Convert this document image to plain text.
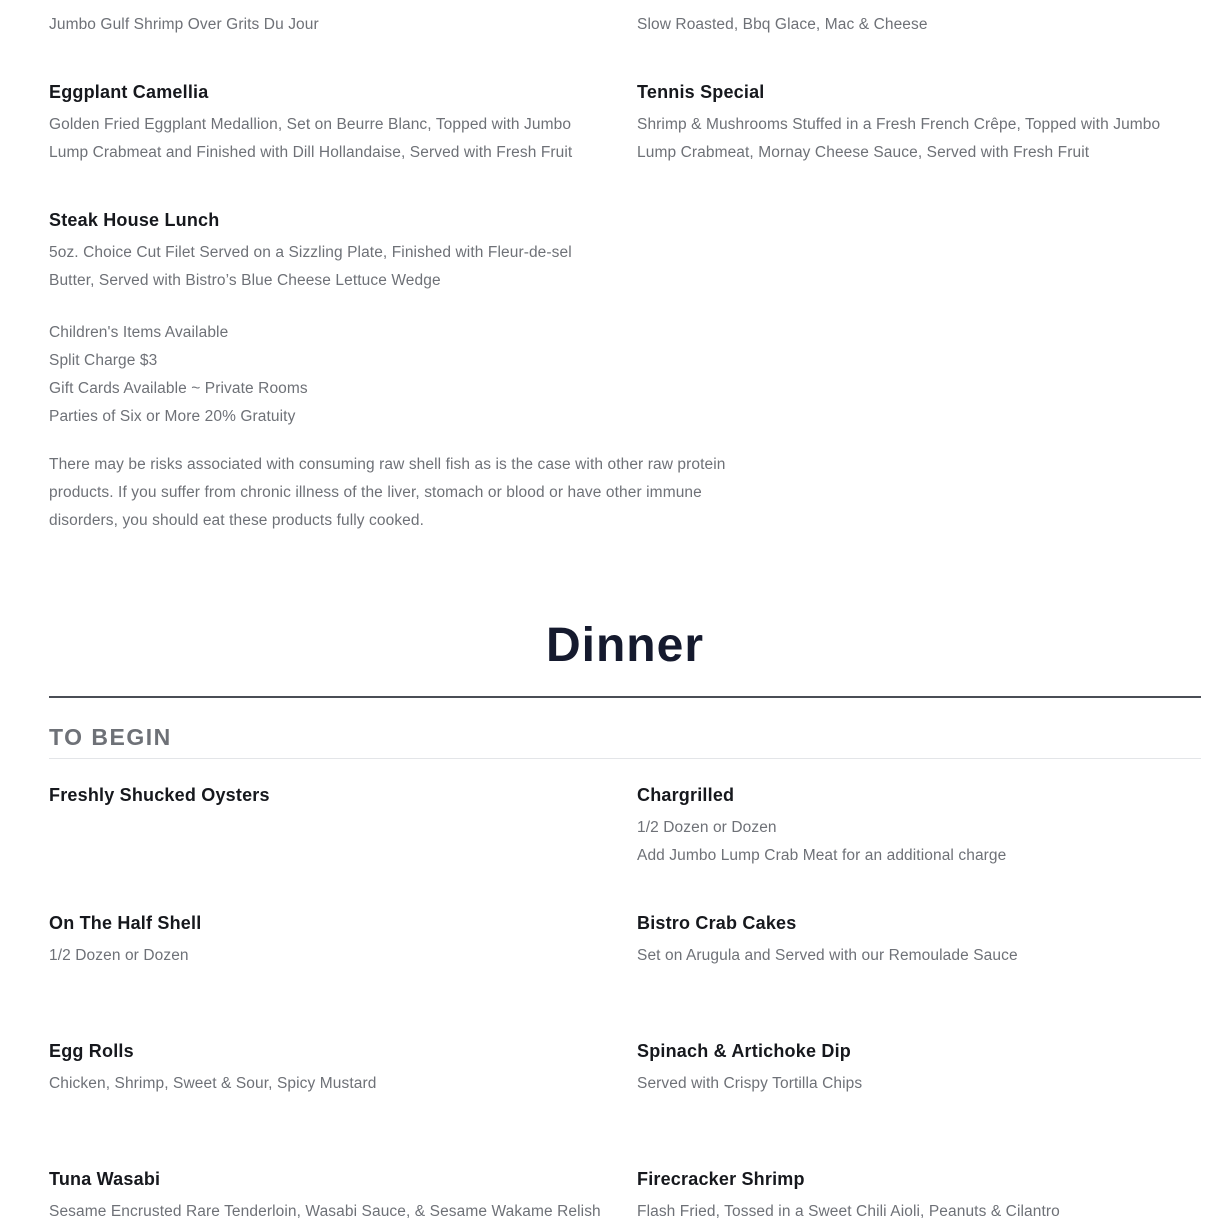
Jumbo Gulf Shrimp Over Grits Du Jour	Slow Roasted, Bbq Glace, Mac & Cheese

Eggplant Camellia

Golden Fried Eggplant Medallion, Set on Beurre Blanc, Topped with Jumbo Lump Crabmeat and Finished with Dill Hollandaise, Served with Fresh Fruit

Tennis Special

Shrimp & Mushrooms Stuffed in a Fresh French Crêpe, Topped with Jumbo Lump Crabmeat, Mornay Cheese Sauce, Served with Fresh Fruit

Steak House Lunch

5oz. Choice Cut Filet Served on a Sizzling Plate, Finished with Fleur-de-sel Butter, Served with Bistro’s Blue Cheese Lettuce Wedge

Children's Items Available

Split Charge $3

Gift Cards Available ~ Private Rooms

Parties of Six or More 20% Gratuity

There may be risks associated with consuming raw shell fish as is the case with other raw protein products. If you suffer from chronic illness of the liver, stomach or blood or have other immune disorders, you should eat these products fully cooked.

Dinner
TO BEGIN
Freshly Shucked Oysters	Chargrilled

1/2 Dozen or Dozen

Add Jumbo Lump Crab Meat for an additional charge

On The Half Shell

1/2 Dozen or Dozen

Bistro Crab Cakes

Set on Arugula and Served with our Remoulade Sauce

Egg Rolls

Chicken, Shrimp, Sweet & Sour, Spicy Mustard

Spinach & Artichoke Dip

Served with Crispy Tortilla Chips

Tuna Wasabi

Sesame Encrusted Rare Tenderloin, Wasabi Sauce, & Sesame Wakame Relish

Firecracker Shrimp

Flash Fried, Tossed in a Sweet Chili Aioli, Peanuts & Cilantro
